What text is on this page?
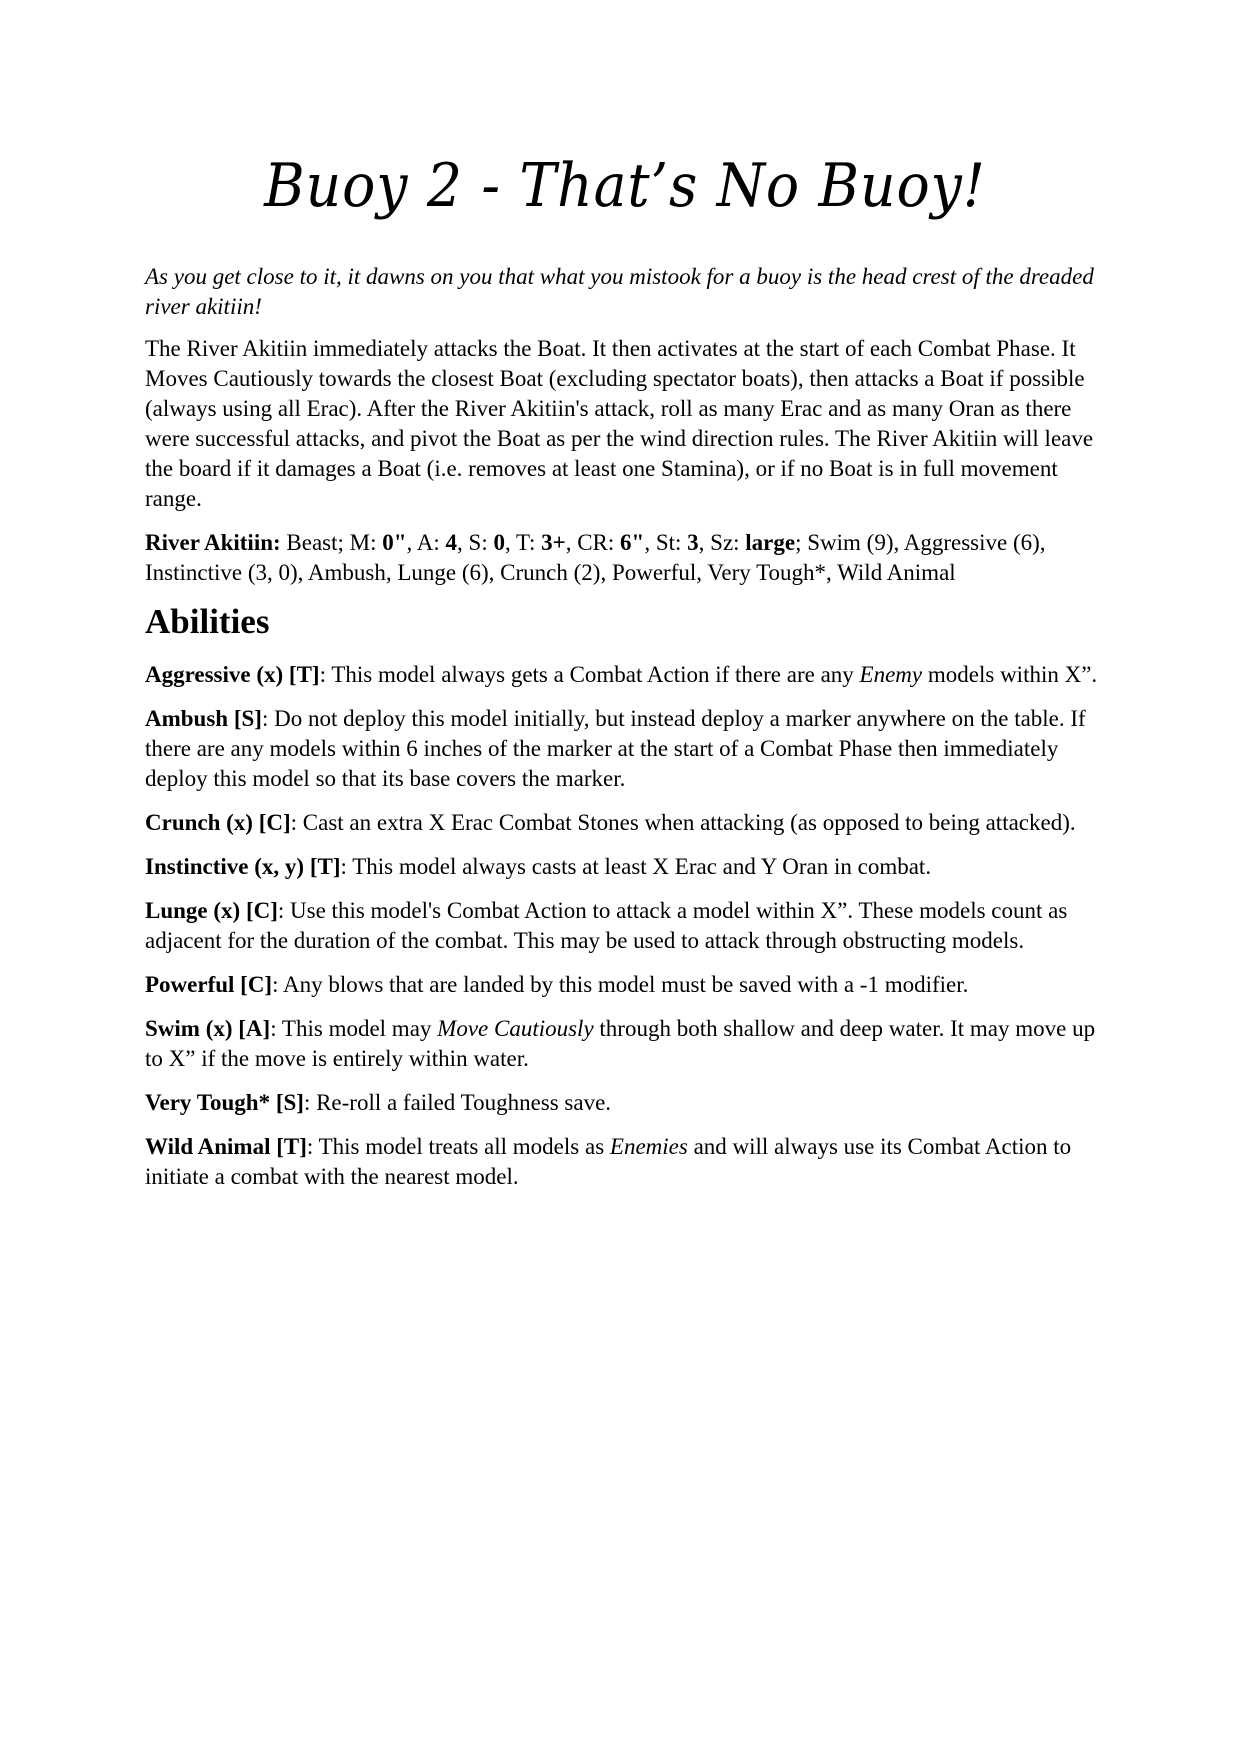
Buoy 2 - That’s No Buoy!

As you get close to it, it dawns on you that what you mistook for a buoy is the head crest of the dreaded river akitiin!

The River Akitiin immediately attacks the Boat. It then activates at the start of each Combat Phase. It Moves Cautiously towards the closest Boat (excluding spectator boats), then attacks a Boat if possible (always using all Erac). After the River Akitiin's attack, roll as many Erac and as many Oran as there were successful attacks, and pivot the Boat as per the wind direction rules. The River Akitiin will leave the board if it damages a Boat (i.e. removes at least one Stamina), or if no Boat is in full movement range.

River Akitiin: Beast; M: 0", A: 4, S: 0, T: 3+, CR: 6", St: 3, Sz: large; Swim (9), Aggressive (6), Instinctive (3, 0), Ambush, Lunge (6), Crunch (2), Powerful, Very Tough*, Wild Animal

Abilities

Aggressive (x) [T]: This model always gets a Combat Action if there are any Enemy models within X”.

Ambush [S]: Do not deploy this model initially, but instead deploy a marker anywhere on the table. If there are any models within 6 inches of the marker at the start of a Combat Phase then immediately deploy this model so that its base covers the marker.

Crunch (x) [C]: Cast an extra X Erac Combat Stones when attacking (as opposed to being attacked).

Instinctive (x, y) [T]: This model always casts at least X Erac and Y Oran in combat.

Lunge (x) [C]: Use this model's Combat Action to attack a model within X”. These models count as adjacent for the duration of the combat. This may be used to attack through obstructing models.

Powerful [C]: Any blows that are landed by this model must be saved with a -1 modifier.

Swim (x) [A]: This model may Move Cautiously through both shallow and deep water. It may move up to X” if the move is entirely within water.

Very Tough* [S]: Re-roll a failed Toughness save.

Wild Animal [T]: This model treats all models as Enemies and will always use its Combat Action to initiate a combat with the nearest model.
